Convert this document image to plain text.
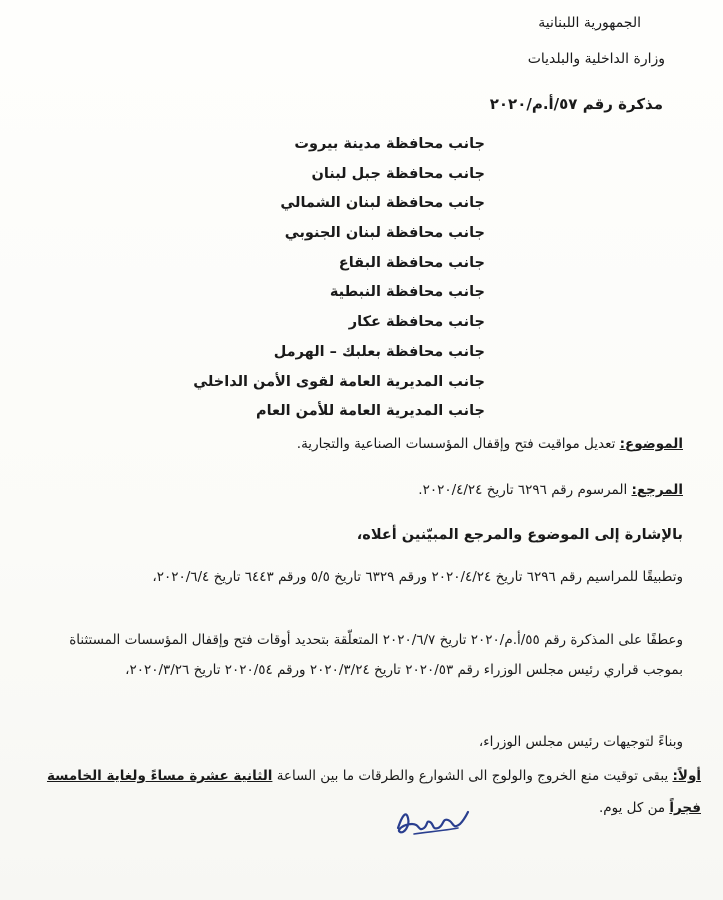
الجمهورية اللبنانية
وزارة الداخلية والبلديات
مذكرة رقم ٥٧/أ.م/٢٠٢٠
جانب محافظة مدينة بيروت
جانب محافظة جبل لبنان
جانب محافظة لبنان الشمالي
جانب محافظة لبنان الجنوبي
جانب محافظة البقاع
جانب محافظة النبطية
جانب محافظة عكار
جانب محافظة بعلبك – الهرمل
جانب المديرية العامة لقوى الأمن الداخلي
جانب المديرية العامة للأمن العام
الموضوع: تعديل مواقيت فتح وإقفال المؤسسات الصناعية والتجارية.
المرجع: المرسوم رقم ٦٢٩٦ تاريخ ٢٠٢٠/٤/٢٤.
بالإشارة إلى الموضوع والمرجع المبيّنين أعلاه،
وتطبيقًا للمراسيم رقم ٦٢٩٦ تاريخ ٢٠٢٠/٤/٢٤ ورقم ٦٣٢٩ تاريخ ٥/٥ ورقم ٦٤٤٣ تاريخ ٢٠٢٠/٦/٤،
وعطفًا على المذكرة رقم ٥٥/أ.م/٢٠٢٠ تاريخ ٢٠٢٠/٦/٧ المتعلّقة بتحديد أوقات فتح وإقفال المؤسسات المستثناة بموجب قراري رئيس مجلس الوزراء رقم ٢٠٢٠/٥٣ تاريخ ٢٠٢٠/٣/٢٤ ورقم ٢٠٢٠/٥٤ تاريخ ٢٠٢٠/٣/٢٦،
وبناءً لتوجيهات رئيس مجلس الوزراء،
أولاً: يبقى توقيت منع الخروج والولوج الى الشوارع والطرقات ما بين الساعة الثانية عشرة مساءً ولغاية الخامسة فجراً من كل يوم.
